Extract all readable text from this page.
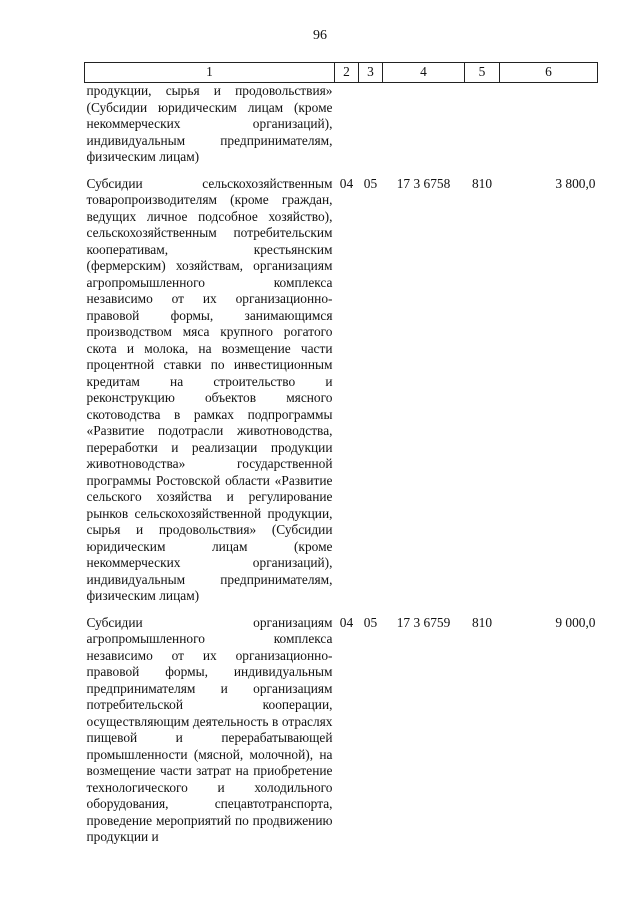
96
1	2	3	4	5	6
продукции, сырья и продовольствия» (Субсидии юридическим лицам (кроме некоммерческих организаций), индивидуальным предпринимателям, физическим лицам)					

Субсидии сельскохозяйственным товаропроизводителям (кроме граждан, ведущих личное подсобное хозяйство), сельскохозяйственным потребительским кооперативам, крестьянским (фермерским) хозяйствам, организациям агропромышленного комплекса независимо от их организационно-правовой формы, занимающимся производством мяса крупного рогатого скота и молока, на возмещение части процентной ставки по инвестиционным кредитам на строительство и реконструкцию объектов мясного скотоводства в рамках подпрограммы «Развитие подотрасли животноводства, переработки и реализации продукции животноводства» государственной программы Ростовской области «Развитие сельского хозяйства и регулирование рынков сельскохозяйственной продукции, сырья и продовольствия» (Субсидии юридическим лицам (кроме некоммерческих организаций), индивидуальным предпринимателям, физическим лицам)	04	05	17 3 6758	810	3 800,0

Субсидии организациям агропромышленного комплекса независимо от их организационно-правовой формы, индивидуальным предпринимателям и организациям потребительской кооперации, осуществляющим деятельность в отраслях пищевой и перерабатывающей промышленности (мясной, молочной), на возмещение части затрат на приобретение технологического и холодильного оборудования, спецавтотранспорта, проведение мероприятий по продвижению продукции и	04	05	17 3 6759	810	9 000,0
